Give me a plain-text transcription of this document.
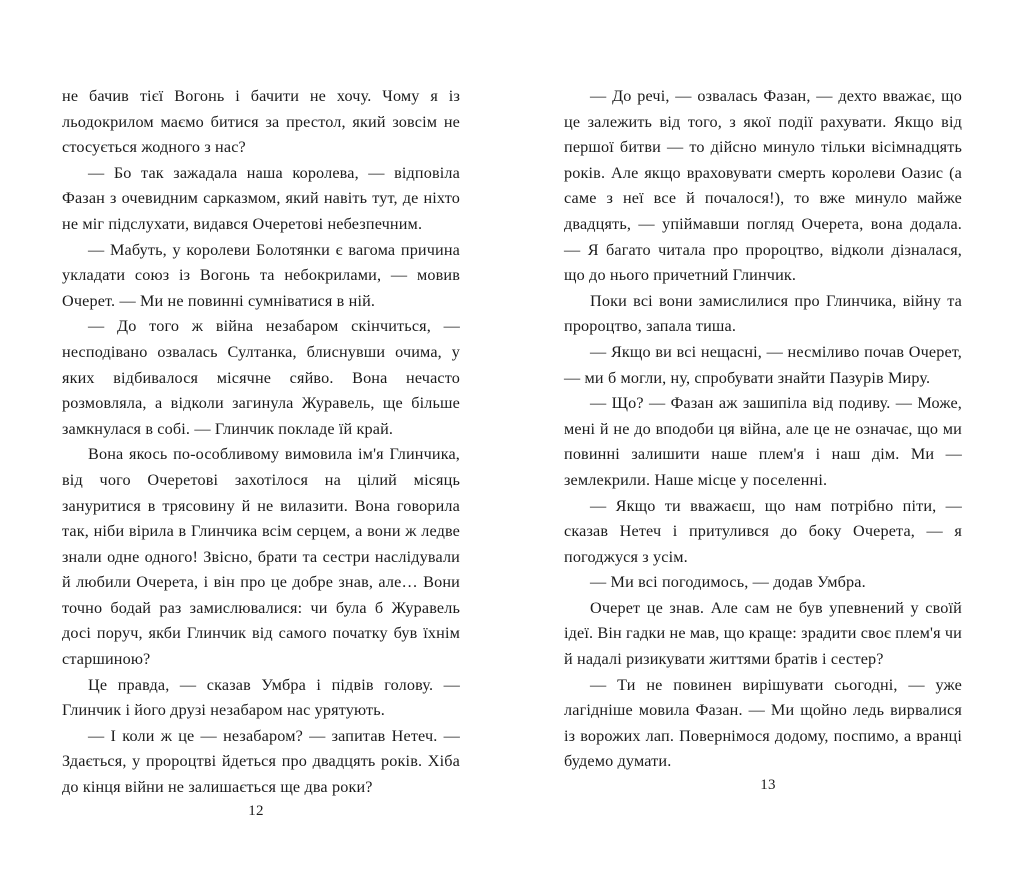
не бачив тієї Вогонь і бачити не хочу. Чому я із льодокрилом маємо битися за престол, який зовсім не стосується жодного з нас?

— Бо так зажадала наша королева, — відповіла Фазан з очевидним сарказмом, який навіть тут, де ніхто не міг підслухати, видався Очеретові небезпечним.

— Мабуть, у королеви Болотянки є вагома причина укладати союз із Вогонь та небокрилами, — мовив Очерет. — Ми не повинні сумніватися в ній.

— До того ж війна незабаром скінчиться, — несподівано озвалась Султанка, блиснувши очима, у яких відбивалося місячне сяйво. Вона нечасто розмовляла, а відколи загинула Журавель, ще більше замкнулася в собі. — Глинчик покладе їй край.

Вона якось по-особливому вимовила ім'я Глинчика, від чого Очеретові захотілося на цілий місяць зануритися в трясовину й не вилазити. Вона говорила так, ніби вірила в Глинчика всім серцем, а вони ж ледве знали одне одного! Звісно, брати та сестри наслідували й любили Очерета, і він про це добре знав, але… Вони точно бодай раз замислювалися: чи була б Журавель досі поруч, якби Глинчик від самого початку був їхнім старшиною?

Це правда, — сказав Умбра і підвів голову. — Глинчик і його друзі незабаром нас урятують.

— І коли ж це — незабаром? — запитав Нетеч. — Здається, у пророцтві йдеться про двадцять років. Хіба до кінця війни не залишається ще два роки?

12

— До речі, — озвалась Фазан, — дехто вважає, що це залежить від того, з якої події рахувати. Якщо від першої битви — то дійсно минуло тільки вісімнадцять років. Але якщо враховувати смерть королеви Оазис (а саме з неї все й почалося!), то вже минуло майже двадцять, — упіймавши погляд Очерета, вона додала. — Я багато читала про пророцтво, відколи дізналася, що до нього причетний Глинчик.

Поки всі вони замислилися про Глинчика, війну та пророцтво, запала тиша.

— Якщо ви всі нещасні, — несміливо почав Очерет, — ми б могли, ну, спробувати знайти Пазурів Миру.

— Що? — Фазан аж зашипіла від подиву. — Може, мені й не до вподоби ця війна, але це не означає, що ми повинні залишити наше плем'я і наш дім. Ми — землекрили. Наше місце у поселенні.

— Якщо ти вважаєш, що нам потрібно піти, — сказав Нетеч і притулився до боку Очерета, — я погоджуся з усім.

— Ми всі погодимось, — додав Умбра.

Очерет це знав. Але сам не був упевнений у своїй ідеї. Він гадки не мав, що краще: зрадити своє плем'я чи й надалі ризикувати життями братів і сестер?

— Ти не повинен вирішувати сьогодні, — уже лагідніше мовила Фазан. — Ми щойно ледь вирвалися із ворожих лап. Повернімося додому, поспимо, а вранці будемо думати.

13
